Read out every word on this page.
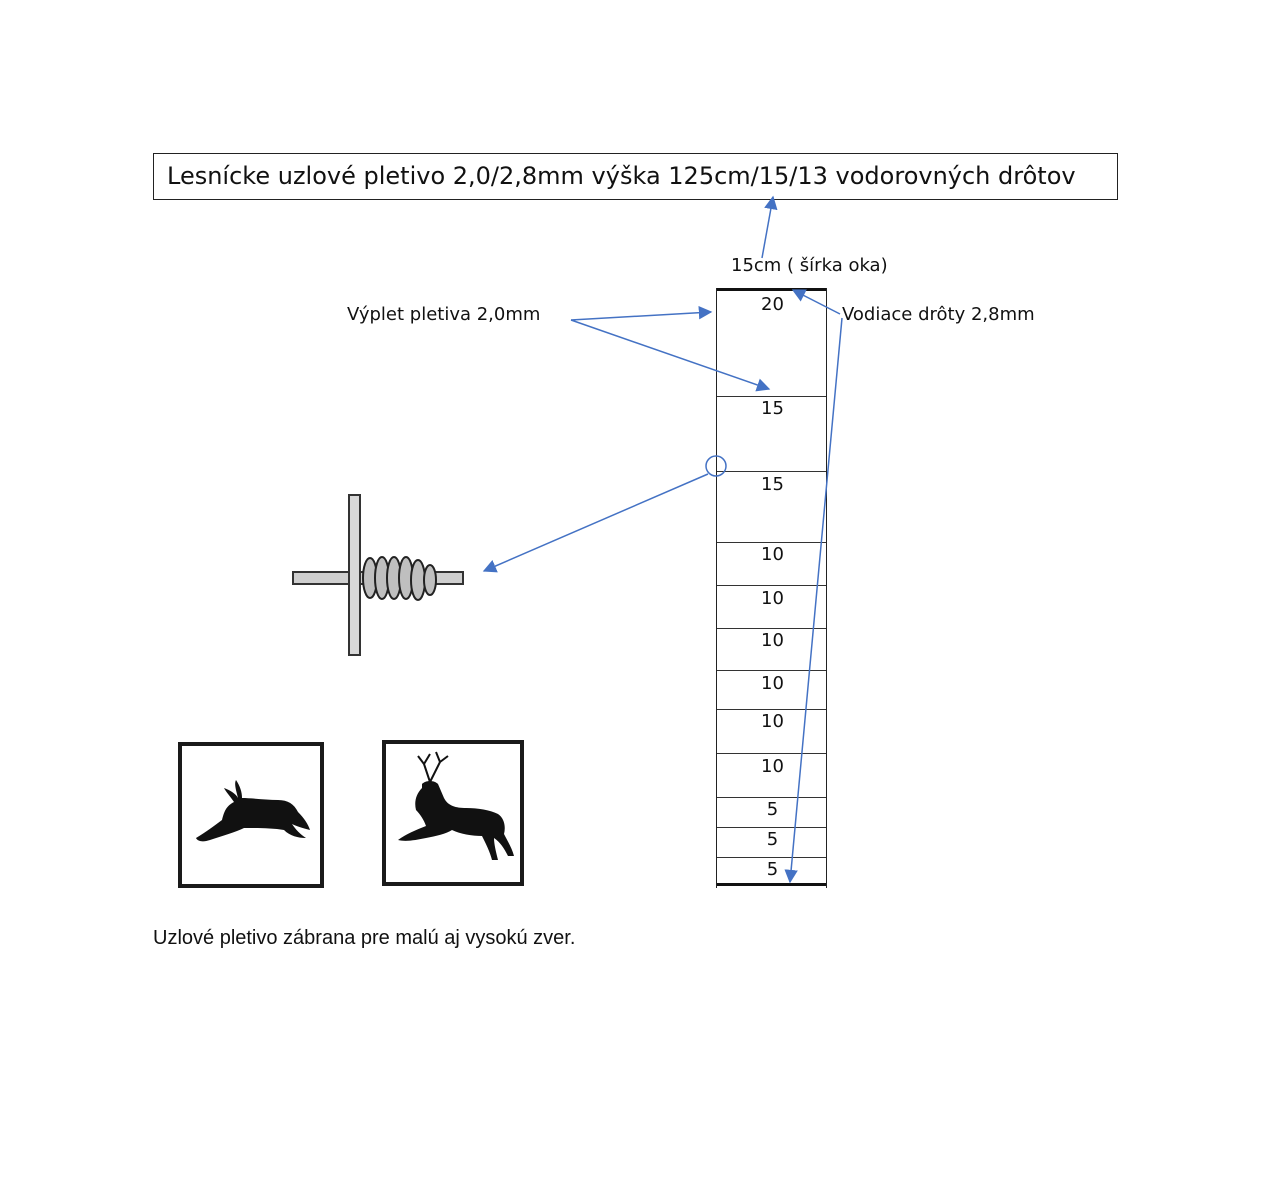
Lesnícke uzlové pletivo 2,0/2,8mm výška 125cm/15/13 vodorovných drôtov
15cm ( šírka oka)
Výplet pletiva 2,0mm	Vodiace drôty 2,8mm
20
15
15
10
10
10
10
10
10
5
5
5
Uzlové pletivo zábrana pre malú aj vysokú zver.
